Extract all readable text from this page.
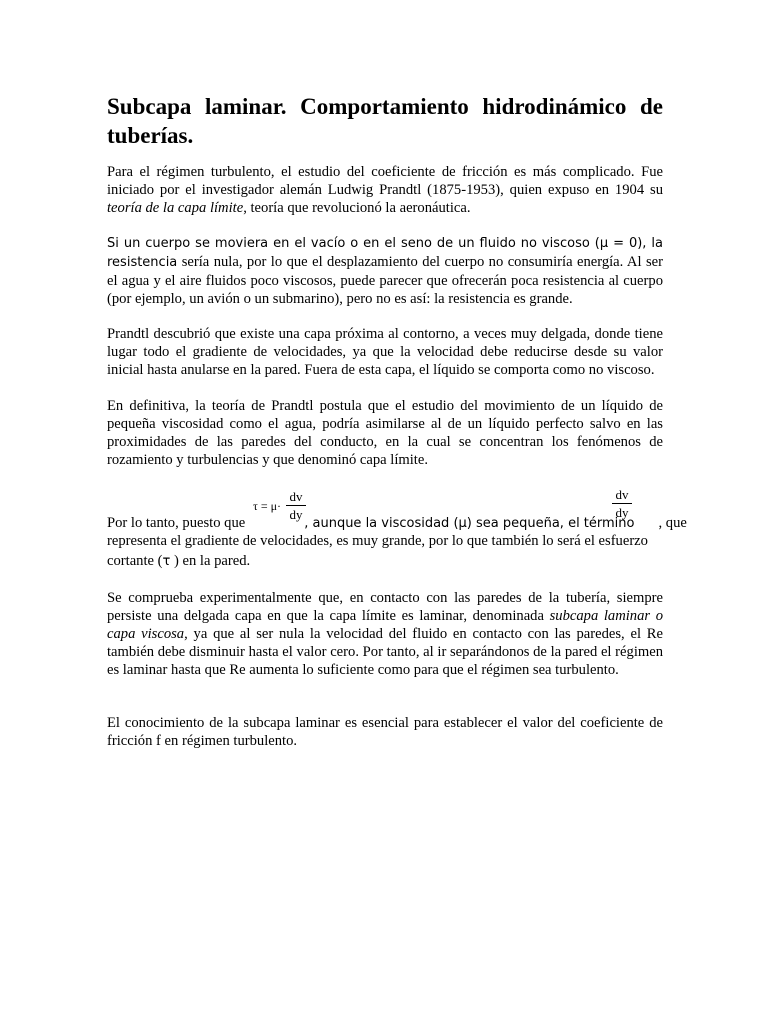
Subcapa laminar. Comportamiento hidrodinámico de tuberías.

Para el régimen turbulento, el estudio del coeficiente de fricción es más complicado. Fue iniciado por el investigador alemán Ludwig Prandtl (1875-1953), quien expuso en 1904 su teoría de la capa límite, teoría que revolucionó la aeronáutica.

Si un cuerpo se moviera en el vacío o en el seno de un fluido no viscoso (μ = 0), la resistencia sería nula, por lo que el desplazamiento del cuerpo no consumiría energía. Al ser el agua y el aire fluidos poco viscosos, puede parecer que ofrecerán poca resistencia al cuerpo (por ejemplo, un avión o un submarino), pero no es así: la resistencia es grande.

Prandtl descubrió que existe una capa próxima al contorno, a veces muy delgada, donde tiene lugar todo el gradiente de velocidades, ya que la velocidad debe reducirse desde su valor inicial hasta anularse en la pared. Fuera de esta capa, el líquido se comporta como no viscoso.

En definitiva, la teoría de Prandtl postula que el estudio del movimiento de un líquido de pequeña viscosidad como el agua, podría asimilarse al de un líquido perfecto salvo en las proximidades de las paredes del conducto, en la cual se concentran los fenómenos de rozamiento y turbulencias y que denominó capa límite.

τ = μ·
dv
dy
dv
dy
Por lo tanto, puesto que	, aunque la viscosidad (μ) sea pequeña, el término , que

representa el gradiente de velocidades, es muy grande, por lo que también lo será el esfuerzo

cortante (τ ) en la pared.

Se comprueba experimentalmente que, en contacto con las paredes de la tubería, siempre persiste una delgada capa en que la capa límite es laminar, denominada subcapa laminar o capa viscosa, ya que al ser nula la velocidad del fluido en contacto con las paredes, el Re también debe disminuir hasta el valor cero. Por tanto, al ir separándonos de la pared el régimen es laminar hasta que Re aumenta lo suficiente como para que el régimen sea turbulento.

El conocimiento de la subcapa laminar es esencial para establecer el valor del coeficiente de fricción f en régimen turbulento.
